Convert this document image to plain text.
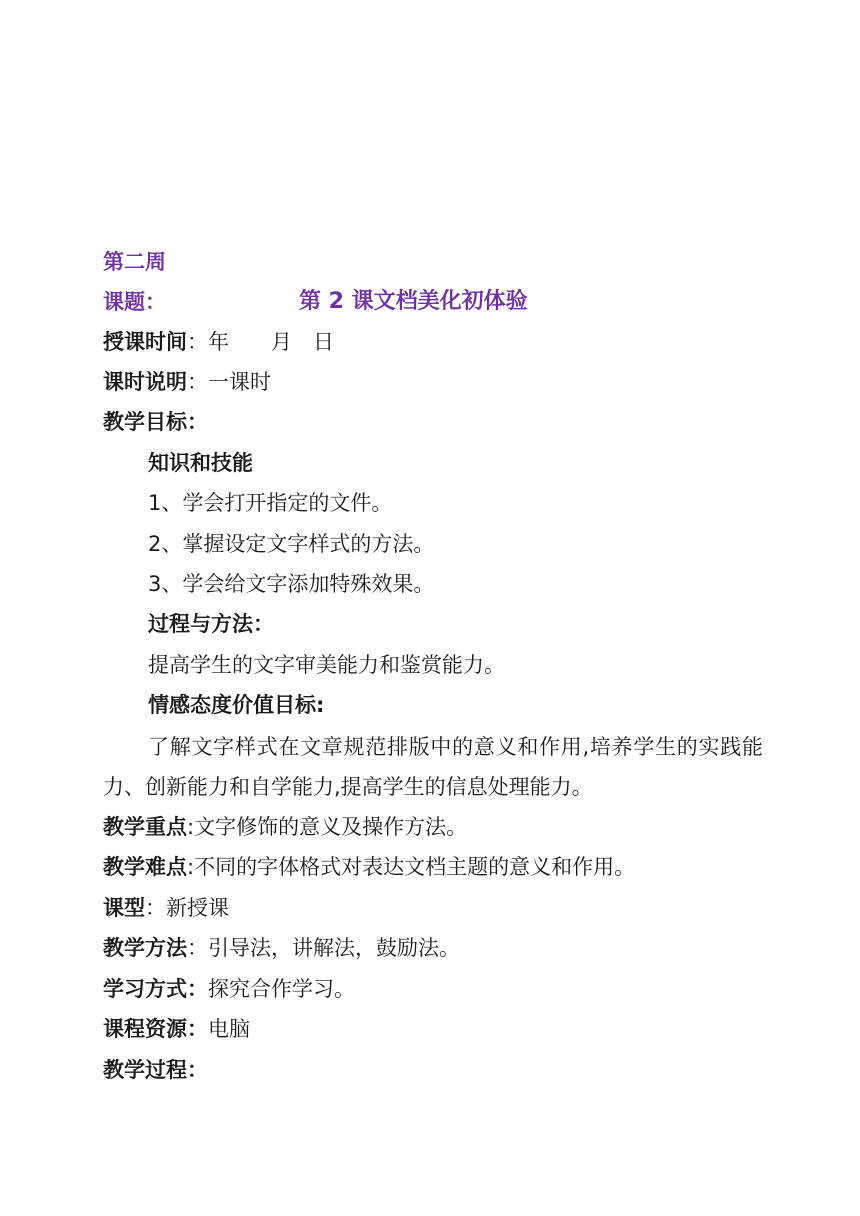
第二周
课题：	第 2 课文档美化初体验
授课时间：年　　月　日
课时说明：一课时
教学目标：
知识和技能
1、学会打开指定的文件。
2、掌握设定文字样式的方法。
3、学会给文字添加特殊效果。
过程与方法：
提高学生的文字审美能力和鉴赏能力。
情感态度价值目标:
了解文字样式在文章规范排版中的意义和作用,培养学生的实践能力、创新能力和自学能力,提高学生的信息处理能力。
教学重点:文字修饰的意义及操作方法。
教学难点:不同的字体格式对表达文档主题的意义和作用。
课型：新授课
教学方法：引导法，讲解法，鼓励法。
学习方式：探究合作学习。
课程资源：电脑
教学过程：
